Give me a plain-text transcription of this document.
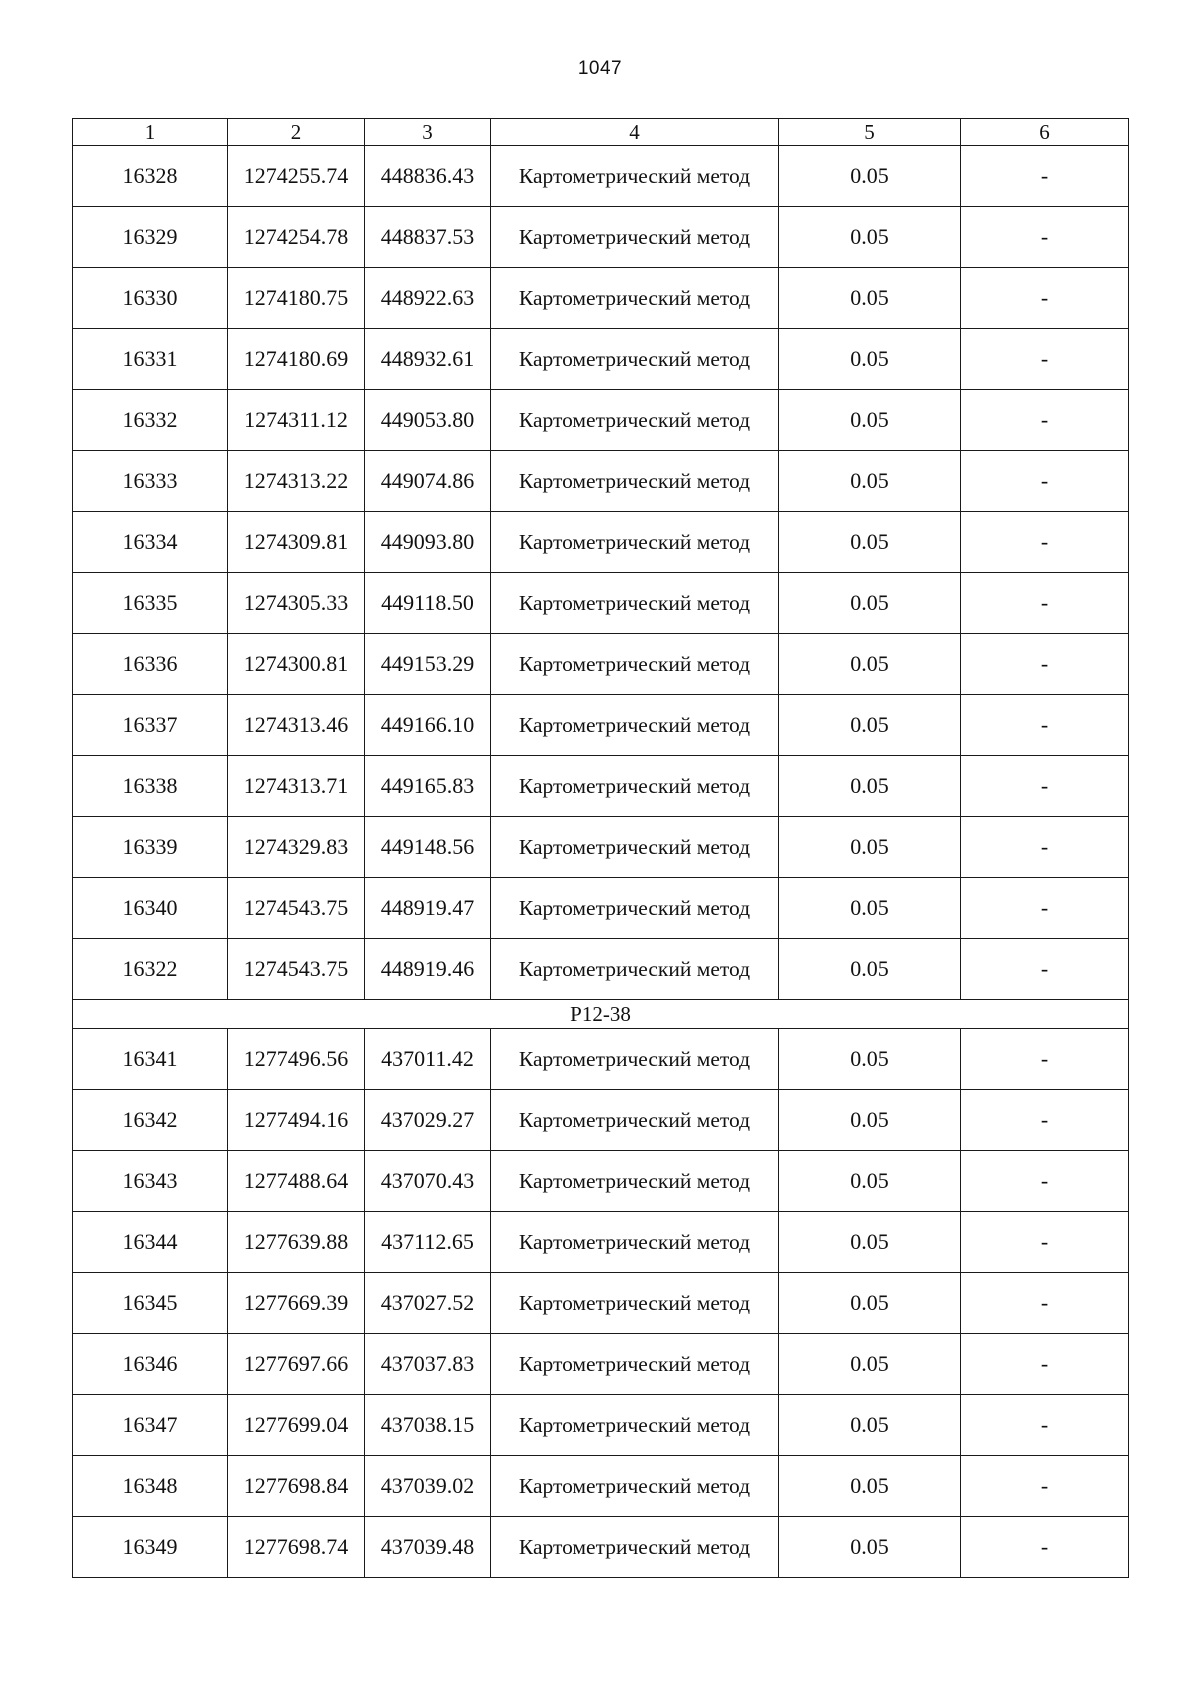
1047
1	2	3	4	5	6
16328	1274255.74	448836.43	Картометрический метод	0.05	-
16329	1274254.78	448837.53	Картометрический метод	0.05	-
16330	1274180.75	448922.63	Картометрический метод	0.05	-
16331	1274180.69	448932.61	Картометрический метод	0.05	-
16332	1274311.12	449053.80	Картометрический метод	0.05	-
16333	1274313.22	449074.86	Картометрический метод	0.05	-
16334	1274309.81	449093.80	Картометрический метод	0.05	-
16335	1274305.33	449118.50	Картометрический метод	0.05	-
16336	1274300.81	449153.29	Картометрический метод	0.05	-
16337	1274313.46	449166.10	Картометрический метод	0.05	-
16338	1274313.71	449165.83	Картометрический метод	0.05	-
16339	1274329.83	449148.56	Картометрический метод	0.05	-
16340	1274543.75	448919.47	Картометрический метод	0.05	-
16322	1274543.75	448919.46	Картометрический метод	0.05	-
Р12-38					
16341	1277496.56	437011.42	Картометрический метод	0.05	-
16342	1277494.16	437029.27	Картометрический метод	0.05	-
16343	1277488.64	437070.43	Картометрический метод	0.05	-
16344	1277639.88	437112.65	Картометрический метод	0.05	-
16345	1277669.39	437027.52	Картометрический метод	0.05	-
16346	1277697.66	437037.83	Картометрический метод	0.05	-
16347	1277699.04	437038.15	Картометрический метод	0.05	-
16348	1277698.84	437039.02	Картометрический метод	0.05	-
16349	1277698.74	437039.48	Картометрический метод	0.05	-
